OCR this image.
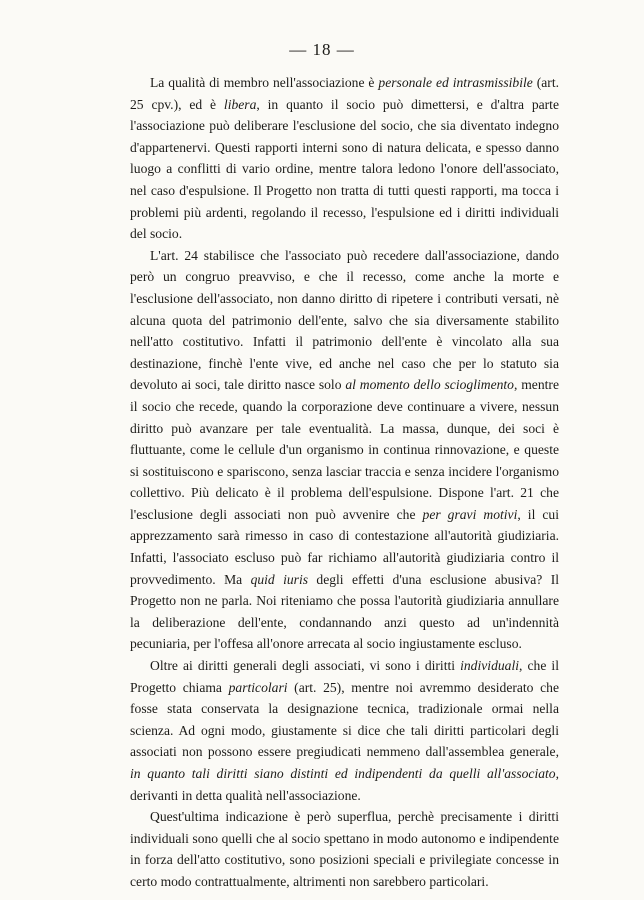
— 18 —

La qualità di membro nell'associazione è personale ed intrasmissibile (art. 25 cpv.), ed è libera, in quanto il socio può dimettersi, e d'altra parte l'associazione può deliberare l'esclusione del socio, che sia diventato indegno d'appartenervi. Questi rapporti interni sono di natura delicata, e spesso danno luogo a conflitti di vario ordine, mentre talora ledono l'onore dell'associato, nel caso d'espulsione. Il Progetto non tratta di tutti questi rapporti, ma tocca i problemi più ardenti, regolando il recesso, l'espulsione ed i diritti individuali del socio.

L'art. 24 stabilisce che l'associato può recedere dall'associazione, dando però un congruo preavviso, e che il recesso, come anche la morte e l'esclusione dell'associato, non danno diritto di ripetere i contributi versati, nè alcuna quota del patrimonio dell'ente, salvo che sia diversamente stabilito nell'atto costitutivo. Infatti il patrimonio dell'ente è vincolato alla sua destinazione, finchè l'ente vive, ed anche nel caso che per lo statuto sia devoluto ai soci, tale diritto nasce solo al momento dello scioglimento, mentre il socio che recede, quando la corporazione deve continuare a vivere, nessun diritto può avanzare per tale eventualità. La massa, dunque, dei soci è fluttuante, come le cellule d'un organismo in continua rinnovazione, e queste si sostituiscono e spariscono, senza lasciar traccia e senza incidere l'organismo collettivo. Più delicato è il problema dell'espulsione. Dispone l'art. 21 che l'esclusione degli associati non può avvenire che per gravi motivi, il cui apprezzamento sarà rimesso in caso di contestazione all'autorità giudiziaria. Infatti, l'associato escluso può far richiamo all'autorità giudiziaria contro il provvedimento. Ma quid iuris degli effetti d'una esclusione abusiva? Il Progetto non ne parla. Noi riteniamo che possa l'autorità giudiziaria annullare la deliberazione dell'ente, condannando anzi questo ad un'indennità pecuniaria, per l'offesa all'onore arrecata al socio ingiustamente escluso.

Oltre ai diritti generali degli associati, vi sono i diritti individuali, che il Progetto chiama particolari (art. 25), mentre noi avremmo desiderato che fosse stata conservata la designazione tecnica, tradizionale ormai nella scienza. Ad ogni modo, giustamente si dice che tali diritti particolari degli associati non possono essere pregiudicati nemmeno dall'assemblea generale, in quanto tali diritti siano distinti ed indipendenti da quelli all'associato, derivanti in detta qualità nell'associazione.

Quest'ultima indicazione è però superflua, perchè precisamente i diritti individuali sono quelli che al socio spettano in modo autonomo e indipendente in forza dell'atto costitutivo, sono posizioni speciali e privilegiate concesse in certo modo contrattualmente, altrimenti non sarebbero particolari.
